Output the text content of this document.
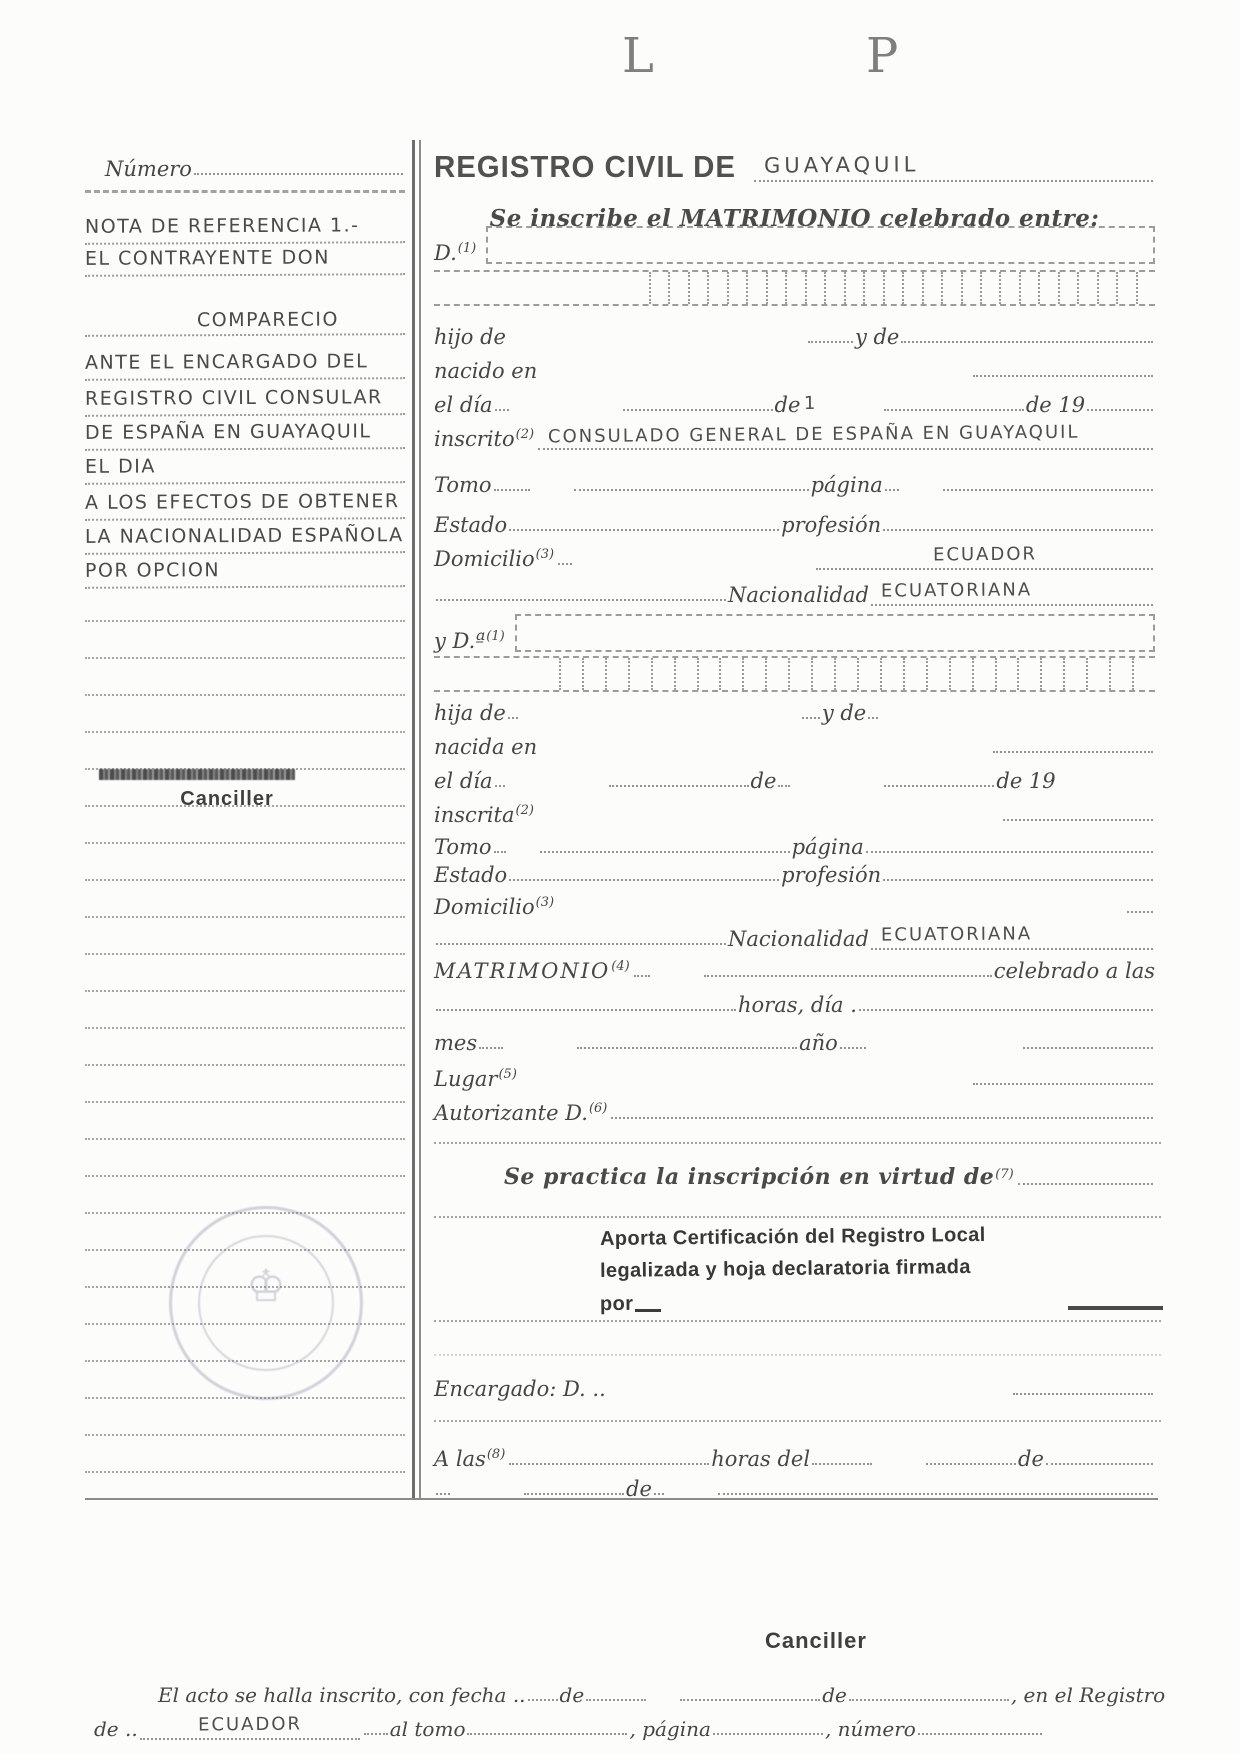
L	P
Número
NOTA DE REFERENCIA 1.-
EL CONTRAYENTE DON
COMPARECIO
ANTE EL ENCARGADO DEL
REGISTRO CIVIL CONSULAR
DE ESPAÑA EN GUAYAQUIL
EL DIA
A LOS EFECTOS DE OBTENER
LA NACIONALIDAD ESPAÑOLA
POR OPCION
Canciller
♔
REGISTRO CIVIL DE GUAYAQUIL
Se inscribe el MATRIMONIO celebrado entre:
D.$^{(1)}$
hijo de	y de
nacido en
el día	de 1	de 19
inscrito$^{(2)}$ CONSULADO GENERAL DE ESPAÑA EN GUAYAQUIL
Tomo	página
Estado	profesión
Domicilio$^{(3)}$	ECUADOR
Nacionalidad ECUATORIANA
y D.ª$^{(1)}$
hija de	y de
nacida en
el día	de	de 19
inscrita$^{(2)}$
Tomo	página
Estado	profesión
Domicilio$^{(3)}$
Nacionalidad ECUATORIANA
MATRIMONIO$^{(4)}$	celebrado a las
horas, día .
mes	año
Lugar$^{(5)}$
Autorizante D.$^{(6)}$
Se practica la inscripción en virtud de (7)
Aporta Certificación del Registro Local
legalizada y hoja declaratoria firmada
por
Encargado: D. ..
A las$^{(8)}$	horas del	de
de
Canciller
El acto se halla inscrito, con fecha .. de	de	, en el Registro
de ..	ECUADOR	al tomo	, página	, número
